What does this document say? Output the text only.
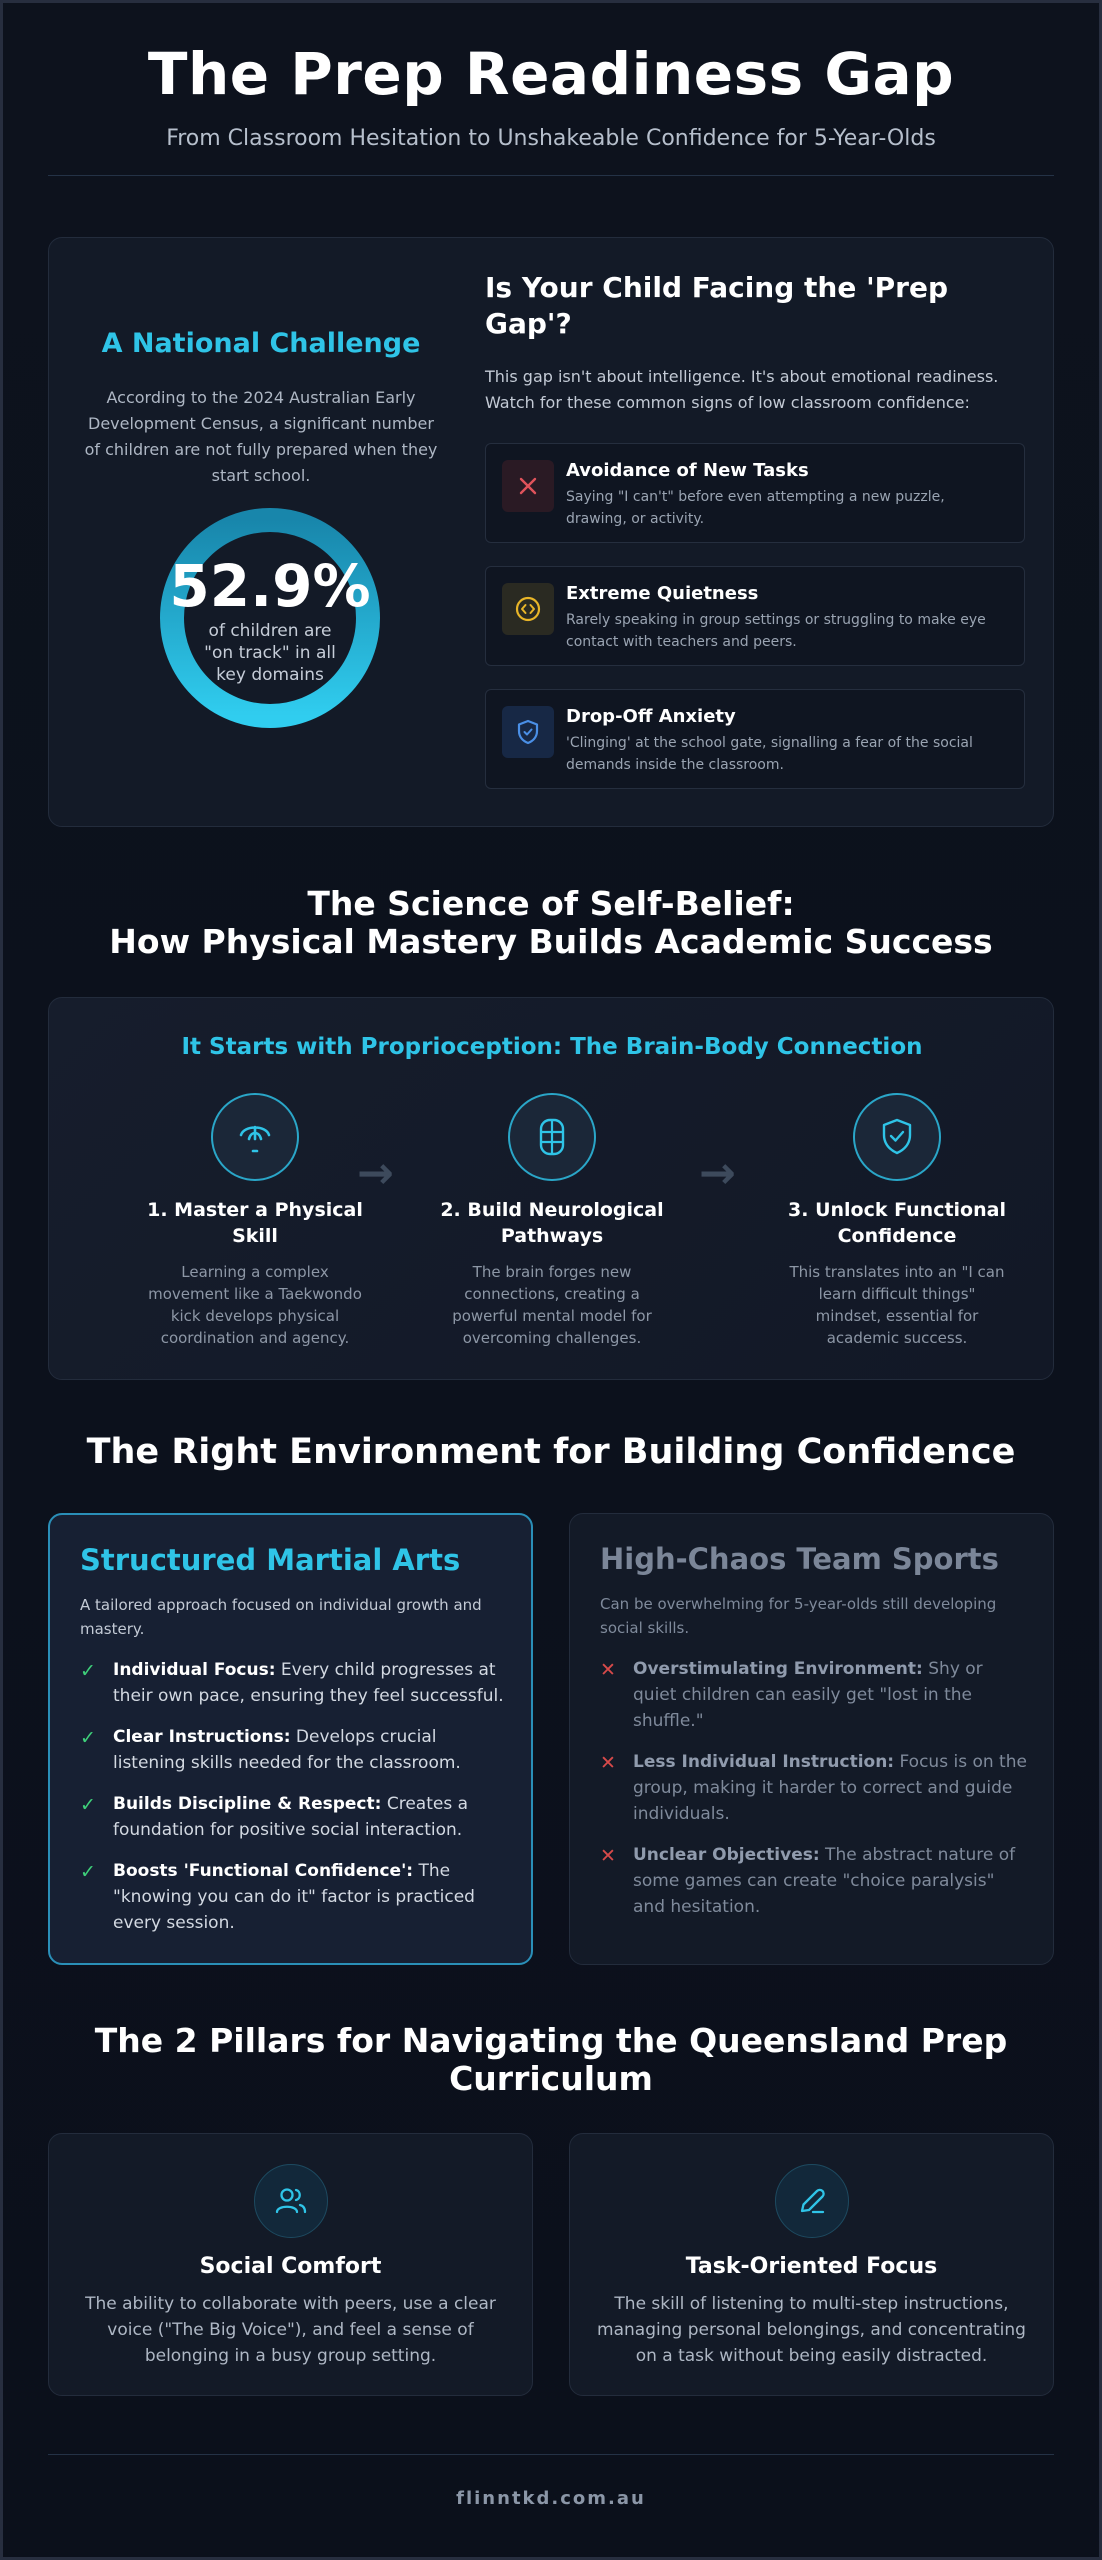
The Prep Readiness Gap
From Classroom Hesitation to Unshakeable Confidence for 5-Year-Olds
A National Challenge

According to the 2024 Australian Early Development Census, a significant number of children are not fully prepared when they start school.

52.9%
of children are "on track" in all key domains
Is Your Child Facing the 'Prep Gap'?

This gap isn't about intelligence. It's about emotional readiness. Watch for these common signs of low classroom confidence:

Avoidance of New Tasks
Saying "I can't" before even attempting a new puzzle, drawing, or activity.
Extreme Quietness
Rarely speaking in group settings or struggling to make eye contact with teachers and peers.
Drop-Off Anxiety
'Clinging' at the school gate, signalling a fear of the social demands inside the classroom.
The Science of Self-Belief:
How Physical Mastery Builds Academic Success
It Starts with Proprioception: The Brain-Body Connection
1. Master a Physical Skill
Learning a complex movement like a Taekwondo kick develops physical coordination and agency.
→
2. Build Neurological Pathways
The brain forges new connections, creating a powerful mental model for overcoming challenges.
→
3. Unlock Functional Confidence
This translates into an "I can learn difficult things" mindset, essential for academic success.
The Right Environment for Building Confidence
Structured Martial Arts
A tailored approach focused on individual growth and mastery.
✓ Individual Focus: Every child progresses at their own pace, ensuring they feel successful.
✓ Clear Instructions: Develops crucial listening skills needed for the classroom.
✓ Builds Discipline & Respect: Creates a foundation for positive social interaction.
✓ Boosts 'Functional Confidence': The "knowing you can do it" factor is practiced every session.
High-Chaos Team Sports
Can be overwhelming for 5-year-olds still developing social skills.
✕ Overstimulating Environment: Shy or quiet children can easily get "lost in the shuffle."
✕ Less Individual Instruction: Focus is on the group, making it harder to correct and guide individuals.
✕ Unclear Objectives: The abstract nature of some games can create "choice paralysis" and hesitation.
The 2 Pillars for Navigating the Queensland Prep Curriculum
Social Comfort
The ability to collaborate with peers, use a clear voice ("The Big Voice"), and feel a sense of belonging in a busy group setting.
Task-Oriented Focus
The skill of listening to multi-step instructions, managing personal belongings, and concentrating on a task without being easily distracted.
flinntkd.com.au
